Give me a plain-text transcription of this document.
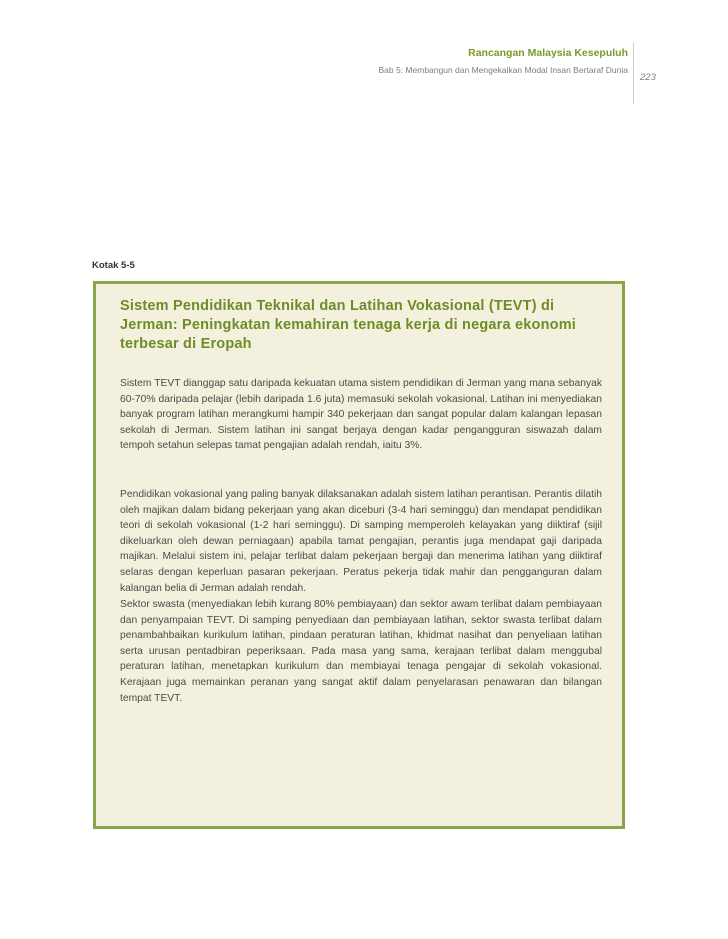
Rancangan Malaysia Kesepuluh
Bab 5: Membangun dan Mengekalkan Modal Insan Bertaraf Dunia
223
Kotak 5-5
Sistem Pendidikan Teknikal dan Latihan Vokasional (TEVT) di Jerman: Peningkatan kemahiran tenaga kerja di negara ekonomi terbesar di Eropah
Sistem TEVT dianggap satu daripada kekuatan utama sistem pendidikan di Jerman yang mana sebanyak 60-70% daripada pelajar (lebih daripada 1.6 juta) memasuki sekolah vokasional. Latihan ini menyediakan banyak program latihan merangkumi hampir 340 pekerjaan dan sangat popular dalam kalangan lepasan sekolah di Jerman. Sistem latihan ini sangat berjaya dengan kadar pengangguran siswazah dalam tempoh setahun selepas tamat pengajian adalah rendah, iaitu 3%.
Pendidikan vokasional yang paling banyak dilaksanakan adalah sistem latihan perantisan. Perantis dilatih oleh majikan dalam bidang pekerjaan yang akan diceburi (3-4 hari seminggu) dan mendapat pendidikan teori di sekolah vokasional (1-2 hari seminggu). Di samping memperoleh kelayakan yang diiktiraf (sijil dikeluarkan oleh dewan perniagaan) apabila tamat pengajian, perantis juga mendapat gaji daripada majikan. Melalui sistem ini, pelajar terlibat dalam pekerjaan bergaji dan menerima latihan yang diiktiraf selaras dengan keperluan pasaran pekerjaan. Peratus pekerja tidak mahir dan pengganguran dalam kalangan belia di Jerman adalah rendah.
Sektor swasta (menyediakan lebih kurang 80% pembiayaan) dan sektor awam terlibat dalam pembiayaan dan penyampaian TEVT. Di samping penyediaan dan pembiayaan latihan, sektor swasta terlibat dalam penambahbaikan kurikulum latihan, pindaan peraturan latihan, khidmat nasihat dan penyeliaan latihan serta urusan pentadbiran peperiksaan. Pada masa yang sama, kerajaan terlibat dalam menggubal peraturan latihan, menetapkan kurikulum dan membiayai tenaga pengajar di sekolah vokasional. Kerajaan juga memainkan peranan yang sangat aktif dalam penyelarasan penawaran dan bilangan tempat TEVT.
